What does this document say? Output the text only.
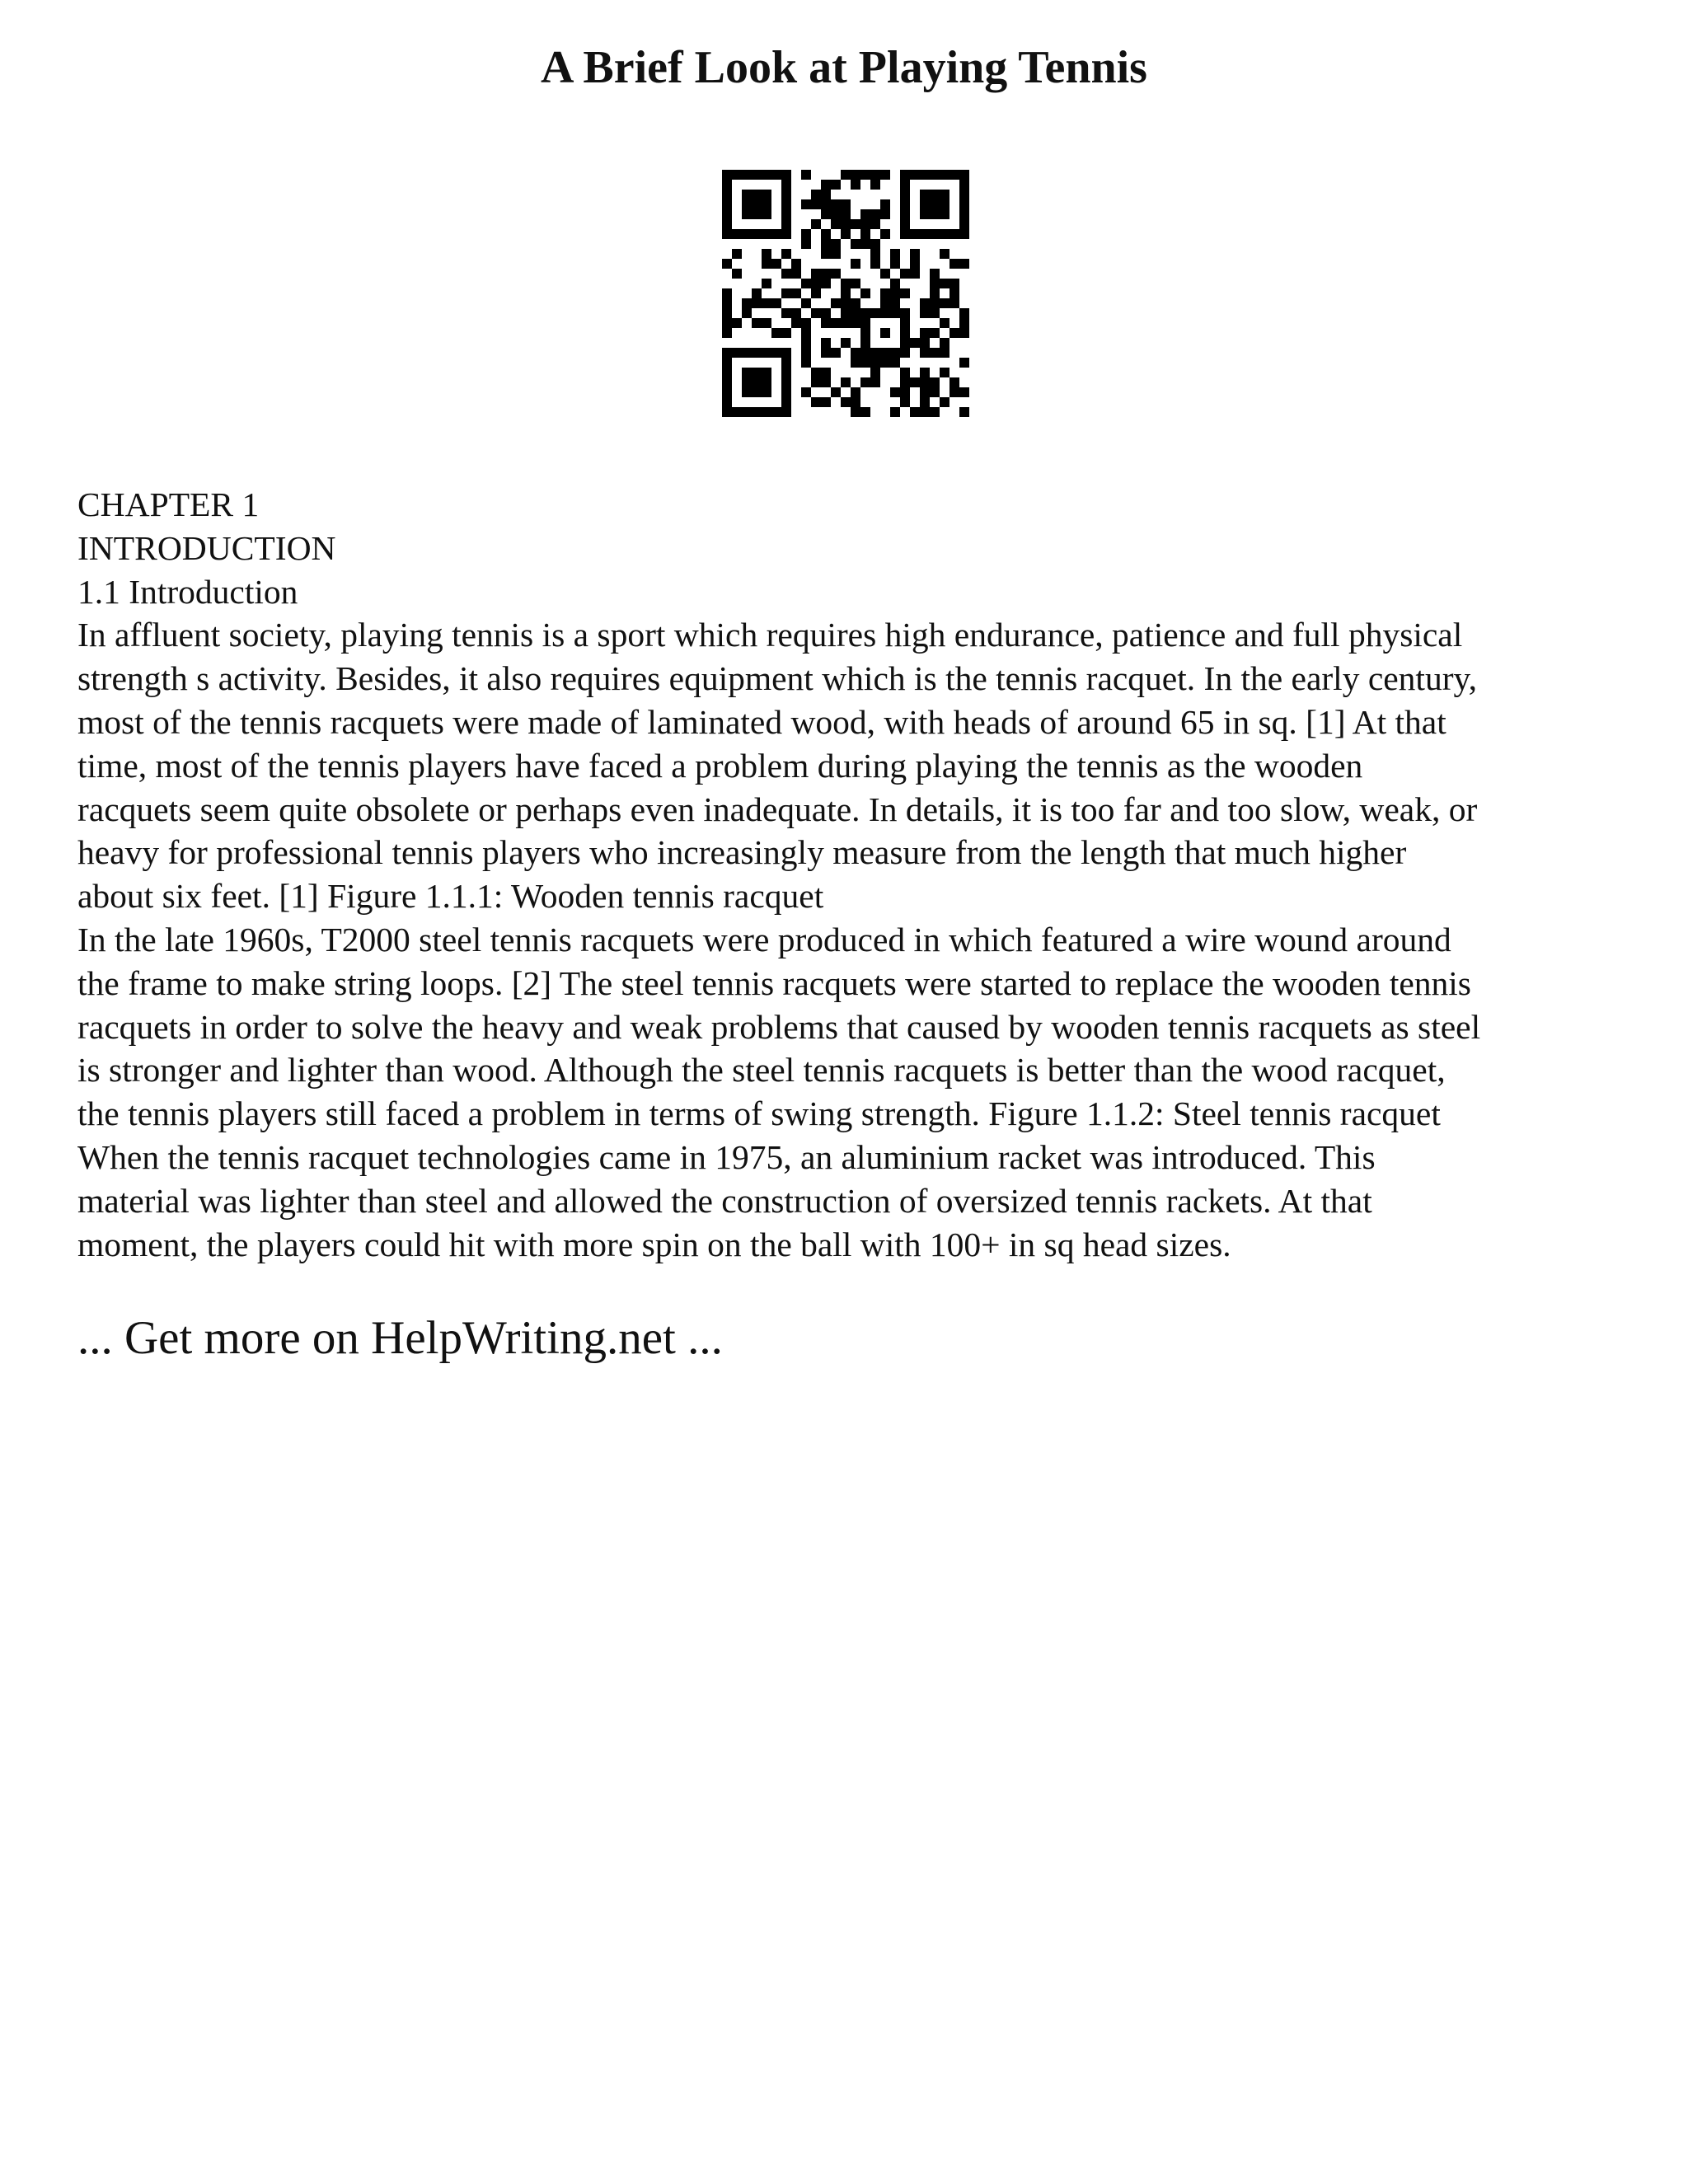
A Brief Look at Playing Tennis
CHAPTER 1
INTRODUCTION
1.1 Introduction
In affluent society, playing tennis is a sport which requires high endurance, patience and full physical
strength s activity. Besides, it also requires equipment which is the tennis racquet. In the early century,
most of the tennis racquets were made of laminated wood, with heads of around 65 in sq. [1] At that
time, most of the tennis players have faced a problem during playing the tennis as the wooden
racquets seem quite obsolete or perhaps even inadequate. In details, it is too far and too slow, weak, or
heavy for professional tennis players who increasingly measure from the length that much higher
about six feet. [1] Figure 1.1.1: Wooden tennis racquet
In the late 1960s, T2000 steel tennis racquets were produced in which featured a wire wound around
the frame to make string loops. [2] The steel tennis racquets were started to replace the wooden tennis
racquets in order to solve the heavy and weak problems that caused by wooden tennis racquets as steel
is stronger and lighter than wood. Although the steel tennis racquets is better than the wood racquet,
the tennis players still faced a problem in terms of swing strength. Figure 1.1.2: Steel tennis racquet
When the tennis racquet technologies came in 1975, an aluminium racket was introduced. This
material was lighter than steel and allowed the construction of oversized tennis rackets. At that
moment, the players could hit with more spin on the ball with 100+ in sq head sizes.
... Get more on HelpWriting.net ...
